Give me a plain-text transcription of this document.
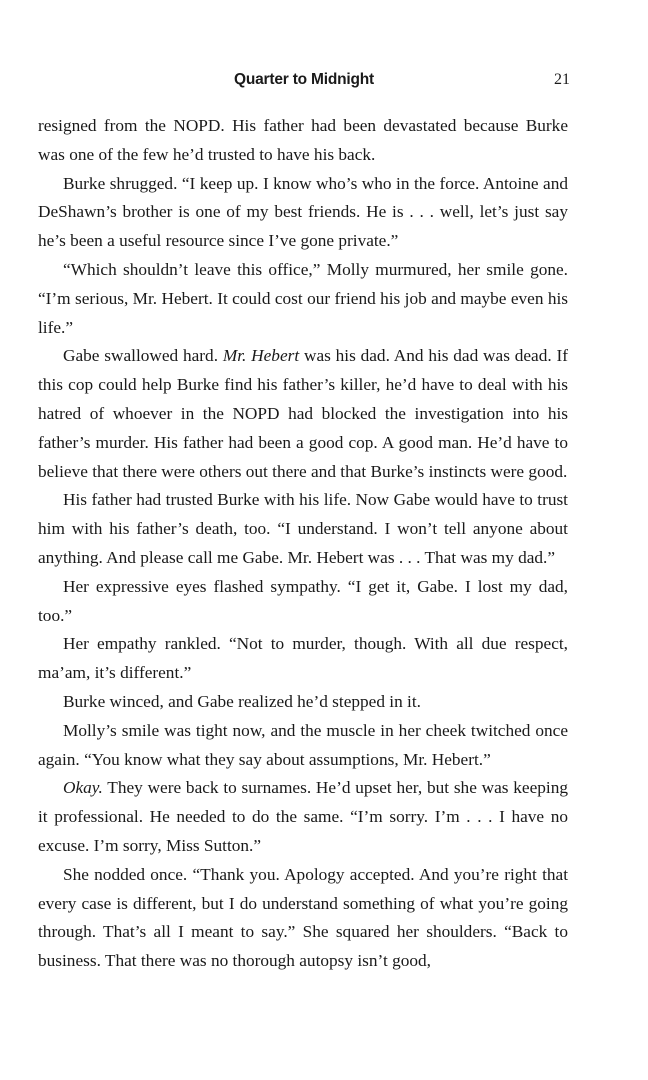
Quarter to Midnight	21

resigned from the NOPD. His father had been devastated because Burke was one of the few he’d trusted to have his back.

Burke shrugged. “I keep up. I know who’s who in the force. Antoine and DeShawn’s brother is one of my best friends. He is . . . well, let’s just say he’s been a useful resource since I’ve gone private.”

“Which shouldn’t leave this office,” Molly murmured, her smile gone. “I’m serious, Mr. Hebert. It could cost our friend his job and maybe even his life.”

Gabe swallowed hard. Mr. Hebert was his dad. And his dad was dead. If this cop could help Burke find his father’s killer, he’d have to deal with his hatred of whoever in the NOPD had blocked the investigation into his father’s murder. His father had been a good cop. A good man. He’d have to believe that there were others out there and that Burke’s instincts were good.

His father had trusted Burke with his life. Now Gabe would have to trust him with his father’s death, too. “I understand. I won’t tell anyone about anything. And please call me Gabe. Mr. Hebert was . . . That was my dad.”

Her expressive eyes flashed sympathy. “I get it, Gabe. I lost my dad, too.”

Her empathy rankled. “Not to murder, though. With all due respect, ma’am, it’s different.”

Burke winced, and Gabe realized he’d stepped in it.

Molly’s smile was tight now, and the muscle in her cheek twitched once again. “You know what they say about assumptions, Mr. Hebert.”

Okay. They were back to surnames. He’d upset her, but she was keeping it professional. He needed to do the same. “I’m sorry. I’m . . . I have no excuse. I’m sorry, Miss Sutton.”

She nodded once. “Thank you. Apology accepted. And you’re right that every case is different, but I do understand something of what you’re going through. That’s all I meant to say.” She squared her shoulders. “Back to business. That there was no thorough autopsy isn’t good,
